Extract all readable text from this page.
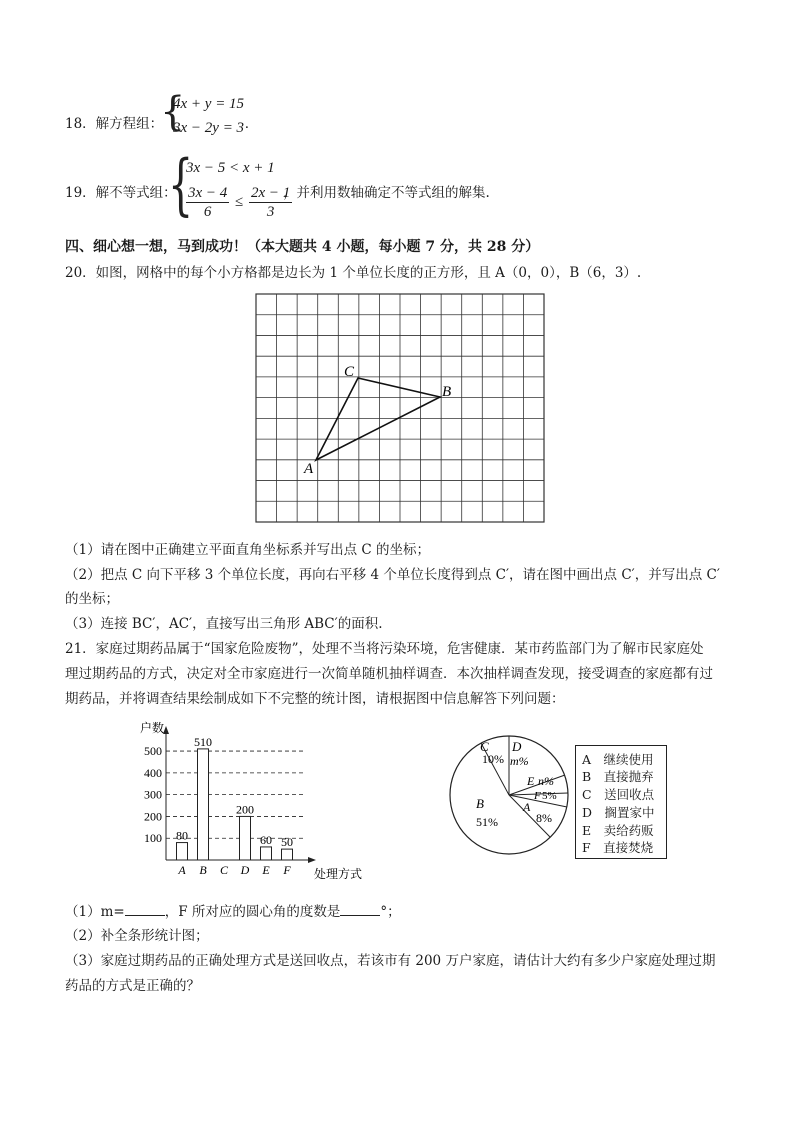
18．解方程组：
{
4x + y = 15
3x − 2y = 3 .
19．解不等式组：
{
3x − 5 < x + 1
$\frac{3x - 4}{6} \le \frac{2x - 1}{3}$
，并利用数轴确定不等式组的解集.
四、细心想一想，马到成功！（本大题共 4 小题，每小题 7 分，共 28 分）
20．如图，网格中的每个小方格都是边长为 1 个单位长度的正方形，且 A（0，0），B（6，3）.
A
B
C
（1）请在图中正确建立平面直角坐标系并写出点 C 的坐标；
（2）把点 C 向下平移 3 个单位长度，再向右平移 4 个单位长度得到点 C′，请在图中画出点 C′，并写出点 C′
的坐标；
（3）连接 BC′，AC′，直接写出三角形 ABC′的面积.
21．家庭过期药品属于“国家危险废物”，处理不当将污染环境，危害健康．某市药监部门为了解市民家庭处
理过期药品的方式，决定对全市家庭进行一次简单随机抽样调查．本次抽样调查发现，接受调查的家庭都有过
期药品，并将调查结果绘制成如下不完整的统计图，请根据图中信息解答下列问题：
100
200
300
400
500
户数
处理方式
80
A
510
B C
200
D
60
E
50
F
C
10%
D
m%
E n%
F 5%
A
8%
B
51%
A　继续使用
B　直接抛弃
C　送回收点
D　搁置家中
E　卖给药贩
F　直接焚烧
（1）m=	，F 所对应的圆心角的度数是	°；
（2）补全条形统计图；
（3）家庭过期药品的正确处理方式是送回收点，若该市有 200 万户家庭，请估计大约有多少户家庭处理过期
药品的方式是正确的？
